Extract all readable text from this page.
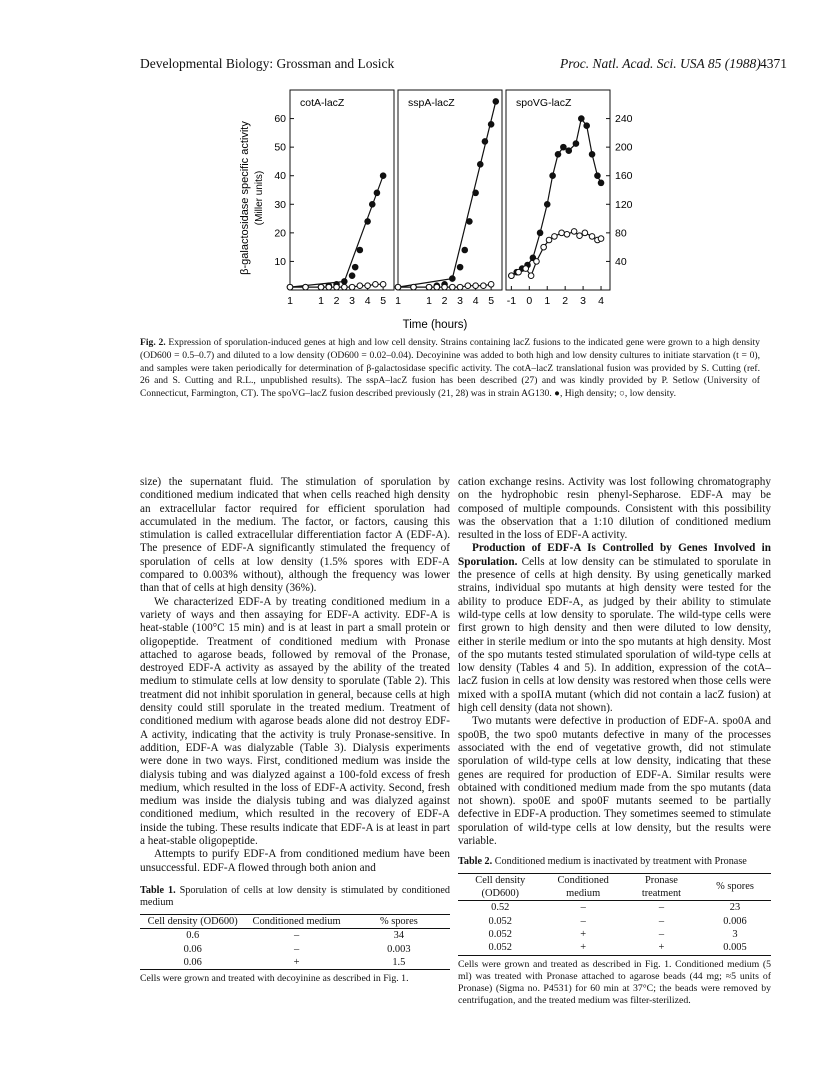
Developmental Biology: Grossman and Losick	Proc. Natl. Acad. Sci. USA 85 (1988) 4371
β-galactosidase specific activity (Miller units)
Time (hours)
cotA-lacZ
1 1 2 3 4 5
10
20
30
40
50
60
sspA-lacZ
1 1 2 3 4 5
spoVG-lacZ
-1 0 1 2 3 4
40
80
120
160
200
240
Fig. 2. Expression of sporulation-induced genes at high and low cell density. Strains containing lacZ fusions to the indicated gene were grown to a high density (OD600 = 0.5–0.7) and diluted to a low density (OD600 = 0.02–0.04). Decoyinine was added to both high and low density cultures to initiate starvation (t = 0), and samples were taken periodically for determination of β-galactosidase specific activity. The cotA–lacZ translational fusion was provided by S. Cutting (ref. 26 and S. Cutting and R.L., unpublished results). The sspA–lacZ fusion has been described (27) and was kindly provided by P. Setlow (University of Connecticut, Farmington, CT). The spoVG–lacZ fusion described previously (21, 28) was in strain AG130. ●, High density; ○, low density.

size) the supernatant fluid. The stimulation of sporulation by conditioned medium indicated that when cells reached high density an extracellular factor required for efficient sporulation had accumulated in the medium. The factor, or factors, causing this stimulation is called extracellular differentiation factor A (EDF-A). The presence of EDF-A significantly stimulated the frequency of sporulation of cells at low density (1.5% spores with EDF-A compared to 0.003% without), although the frequency was lower than that of cells at high density (36%).

We characterized EDF-A by treating conditioned medium in a variety of ways and then assaying for EDF-A activity. EDF-A is heat-stable (100°C 15 min) and is at least in part a small protein or oligopeptide. Treatment of conditioned medium with Pronase attached to agarose beads, followed by removal of the Pronase, destroyed EDF-A activity as assayed by the ability of the treated medium to stimulate cells at low density to sporulate (Table 2). This treatment did not inhibit sporulation in general, because cells at high density could still sporulate in the treated medium. Treatment of conditioned medium with agarose beads alone did not destroy EDF-A activity, indicating that the activity is truly Pronase-sensitive. In addition, EDF-A was dialyzable (Table 3). Dialysis experiments were done in two ways. First, conditioned medium was inside the dialysis tubing and was dialyzed against a 100-fold excess of fresh medium, which resulted in the loss of EDF-A activity. Second, fresh medium was inside the dialysis tubing and was dialyzed against conditioned medium, which resulted in the recovery of EDF-A inside the tubing. These results indicate that EDF-A is at least in part a heat-stable oligopeptide.

Attempts to purify EDF-A from conditioned medium have been unsuccessful. EDF-A flowed through both anion and

Table 1. Sporulation of cells at low density is stimulated by conditioned medium
Cell density (OD600)	Conditioned medium	% spores
0.6	–	34
0.06	–	0.003
0.06	+	1.5
Cells were grown and treated with decoyinine as described in Fig. 1.

cation exchange resins. Activity was lost following chromatography on the hydrophobic resin phenyl-Sepharose. EDF-A may be composed of multiple compounds. Consistent with this possibility was the observation that a 1:10 dilution of conditioned medium resulted in the loss of EDF-A activity.

Production of EDF-A Is Controlled by Genes Involved in Sporulation. Cells at low density can be stimulated to sporulate in the presence of cells at high density. By using genetically marked strains, individual spo mutants at high density were tested for the ability to produce EDF-A, as judged by their ability to stimulate wild-type cells at low density to sporulate. The wild-type cells were first grown to high density and then were diluted to low density, either in sterile medium or into the spo mutants at high density. Most of the spo mutants tested stimulated sporulation of wild-type cells at low density (Tables 4 and 5). In addition, expression of the cotA–lacZ fusion in cells at low density was restored when those cells were mixed with a spoIIA mutant (which did not contain a lacZ fusion) at high cell density (data not shown).

Two mutants were defective in production of EDF-A. spo0A and spo0B, the two spo0 mutants defective in many of the processes associated with the end of vegetative growth, did not stimulate sporulation of wild-type cells at low density, indicating that these genes are required for production of EDF-A. Similar results were obtained with conditioned medium made from the spo mutants (data not shown). spo0E and spo0F mutants seemed to be partially defective in EDF-A production. They sometimes seemed to stimulate sporulation of wild-type cells at low density, but the results were variable.

Table 2. Conditioned medium is inactivated by treatment with Pronase
Cell density (OD600)	Conditioned medium	Pronase treatment	% spores
0.52	–	–	23
0.052	–	–	0.006
0.052	+	–	3
0.052	+	+	0.005
Cells were grown and treated as described in Fig. 1. Conditioned medium (5 ml) was treated with Pronase attached to agarose beads (44 mg; ≈5 units of Pronase) (Sigma no. P4531) for 60 min at 37°C; the beads were removed by centrifugation, and the treated medium was filter-sterilized.
